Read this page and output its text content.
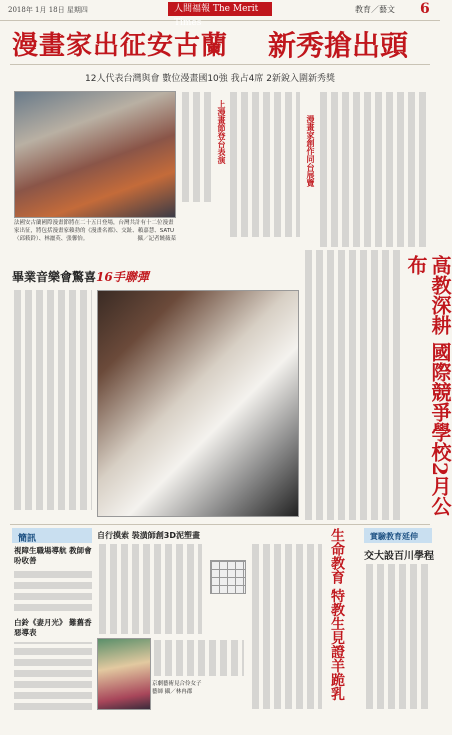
2018年 1月 18日 星期四	人間福報 The Merit Times
教育／藝文 6
漫畫家出征安古蘭 新秀搶出頭
12人代表台灣與會 數位漫畫國10強 我占4席 2新銳入圍新秀獎
法國安古蘭國際漫畫節將在二十五日登場，台灣共計有十二位漫畫家出征，將包括漫畫家賴勃的《漫畫名都》、交趾、賴嘉慧、SATU（邱筱鈴）、林灑英、張馨怡。	攝／記者饒薇棻
上漫畫節登台表演	漫畫家創作同台展覽
畢業音樂會驚喜16手聯彈	高教深耕 國際競爭學校2月公布
簡訊
視障生職場導航 教師會吩收善
白鈴《妻月光》 難舊香惡導表
自行摸索 裝潢師創3D泥塑畫
京劇藝術見合伶女子藝師 攝／林冉郡	生命教育 特教生見證羊跪乳	實驗教育延伸
交大設百川學程
